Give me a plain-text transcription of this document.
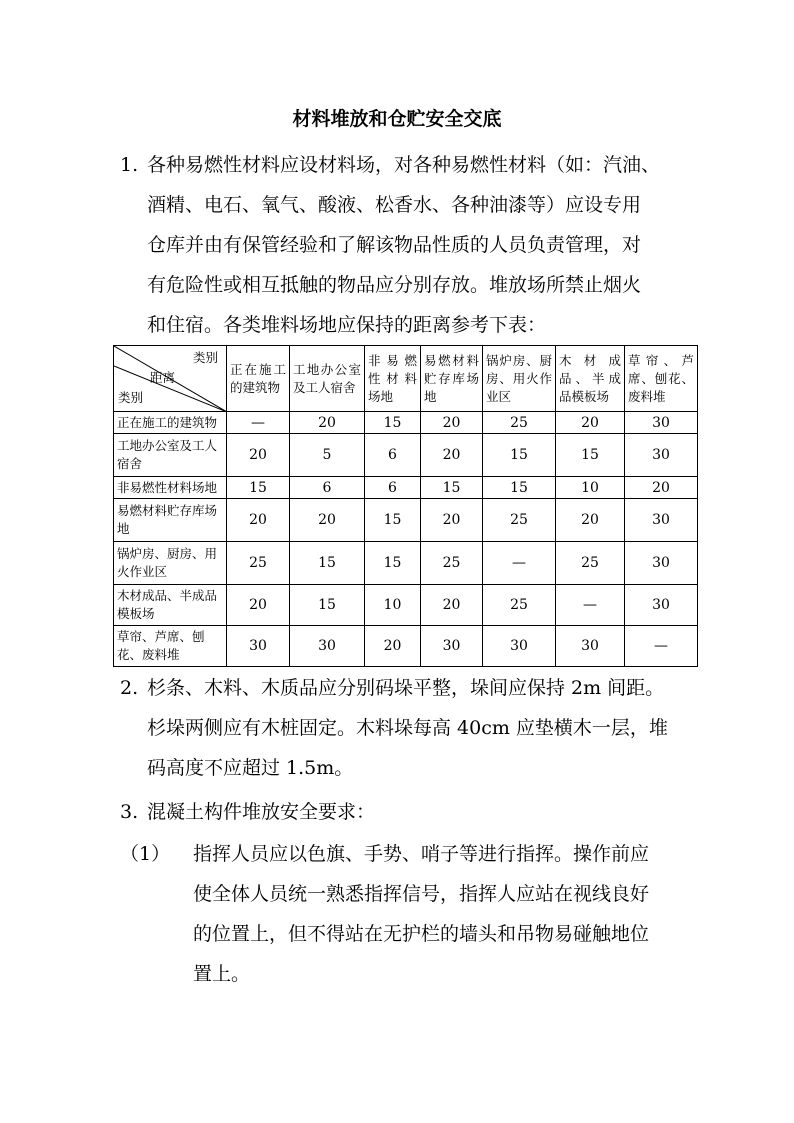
材料堆放和仓贮安全交底
1. 各种易燃性材料应设材料场，对各种易燃性材料（如：汽油、
酒精、电石、氧气、酸液、松香水、各种油漆等）应设专用
仓库并由有保管经验和了解该物品性质的人员负责管理，对
有危险性或相互抵触的物品应分别存放。堆放场所禁止烟火
和住宿。各类堆料场地应保持的距离参考下表：
类别
距离
类别	正在施工的建筑物	工地办公室及工人宿舍	非易燃性材料场地	易燃材料贮存库场地	锅炉房、厨房、用火作业区	木材成品、半成品模板场	草帘、芦席、刨花、废料堆
正在施工的建筑物	—	20	15	20	25	20	30
工地办公室及工人宿舍	20	5	6	20	15	15	30
非易燃性材料场地	15	6	6	15	15	10	20
易燃材料贮存库场地	20	20	15	20	25	20	30
锅炉房、厨房、用火作业区	25	15	15	25	—	25	30
木材成品、半成品模板场	20	15	10	20	25	—	30
草帘、芦席、刨花、废料堆	30	30	20	30	30	30	—
2. 杉条、木料、木质品应分别码垛平整，垛间应保持 2m 间距。
杉垛两侧应有木桩固定。木料垛每高 40cm 应垫横木一层，堆
码高度不应超过 1.5m。
3. 混凝土构件堆放安全要求：
（1） 指挥人员应以色旗、手势、哨子等进行指挥。操作前应
使全体人员统一熟悉指挥信号，指挥人应站在视线良好
的位置上，但不得站在无护栏的墙头和吊物易碰触地位
置上。
